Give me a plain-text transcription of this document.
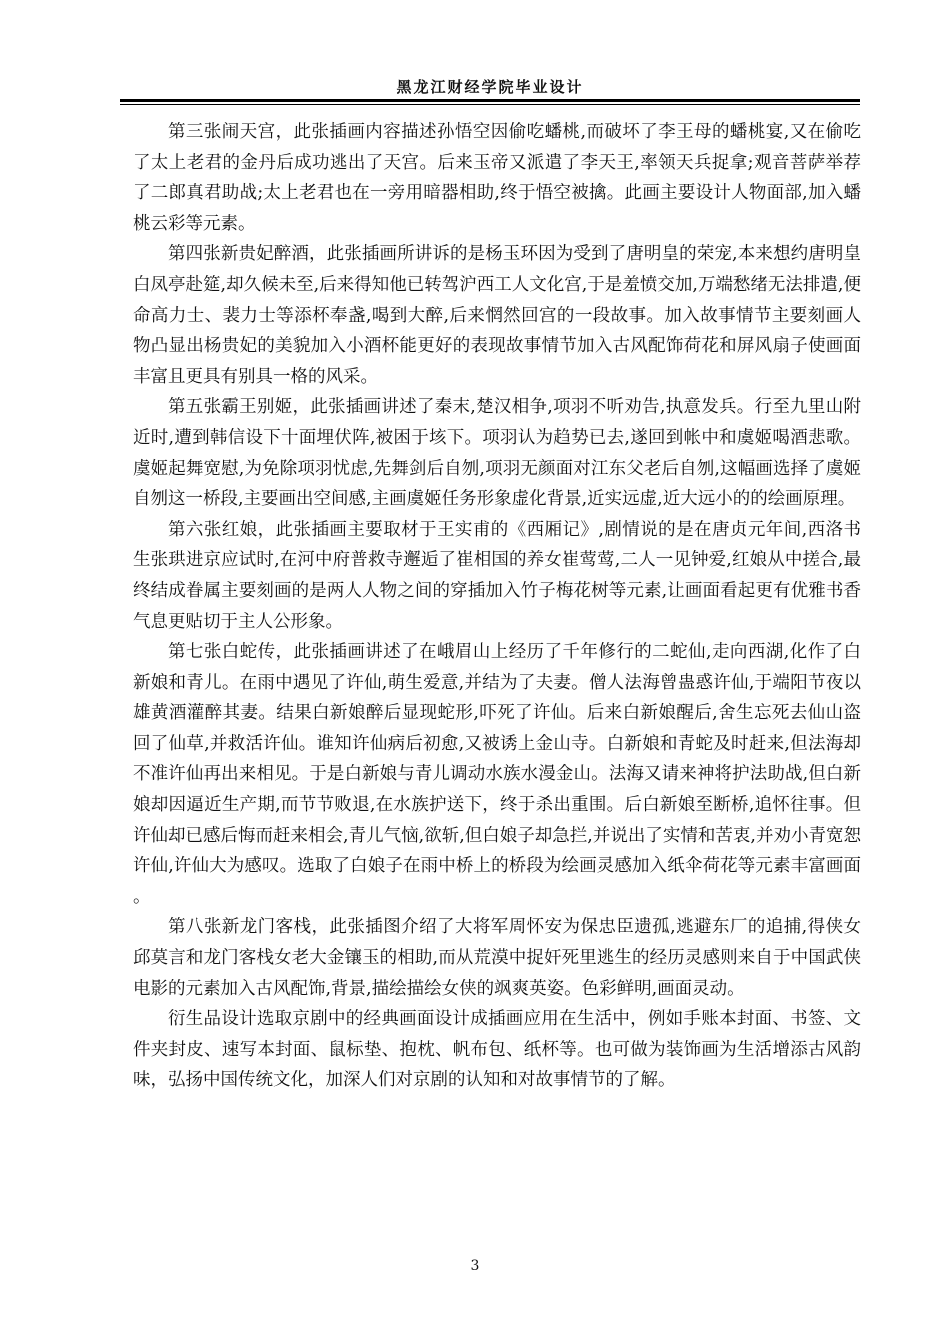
黑龙江财经学院毕业设计

第三张闹天宫，此张插画内容描述孙悟空因偷吃蟠桃,而破坏了李王母的蟠桃宴,又在偷吃了太上老君的金丹后成功逃出了天宫。后来玉帝又派遣了李天王,率领天兵捉拿;观音菩萨举荐了二郎真君助战;太上老君也在一旁用暗器相助,终于悟空被擒。此画主要设计人物面部,加入蟠桃云彩等元素。

第四张新贵妃醉酒，此张插画所讲诉的是杨玉环因为受到了唐明皇的荣宠,本来想约唐明皇白凤亭赴筵,却久候未至,后来得知他已转驾沪西工人文化宫,于是羞愤交加,万端愁绪无法排遣,便命高力士、裴力士等添杯奉盏,喝到大醉,后来惘然回宫的一段故事。加入故事情节主要刻画人物凸显出杨贵妃的美貌加入小酒杯能更好的表现故事情节加入古风配饰荷花和屏风扇子使画面丰富且更具有别具一格的风采。

第五张霸王别姬，此张插画讲述了秦末,楚汉相争,项羽不听劝告,执意发兵。行至九里山附近时,遭到韩信设下十面埋伏阵,被困于垓下。项羽认为趋势已去,遂回到帐中和虞姬喝酒悲歌。虞姬起舞宽慰,为免除项羽忧虑,先舞剑后自刎,项羽无颜面对江东父老后自刎,这幅画选择了虞姬自刎这一桥段,主要画出空间感,主画虞姬任务形象虚化背景,近实远虚,近大远小的的绘画原理。

第六张红娘，此张插画主要取材于王实甫的《西厢记》,剧情说的是在唐贞元年间,西洛书生张珙进京应试时,在河中府普救寺邂逅了崔相国的养女崔莺莺,二人一见钟爱,红娘从中搓合,最终结成眷属主要刻画的是两人人物之间的穿插加入竹子梅花树等元素,让画面看起更有优雅书香气息更贴切于主人公形象。

第七张白蛇传，此张插画讲述了在峨眉山上经历了千年修行的二蛇仙,走向西湖,化作了白新娘和青儿。在雨中遇见了许仙,萌生爱意,并结为了夫妻。僧人法海曾蛊惑许仙,于端阳节夜以雄黄酒灌醉其妻。结果白新娘醉后显现蛇形,吓死了许仙。后来白新娘醒后,舍生忘死去仙山盗回了仙草,并救活许仙。谁知许仙病后初愈,又被诱上金山寺。白新娘和青蛇及时赶来,但法海却不准许仙再出来相见。于是白新娘与青儿调动水族水漫金山。法海又请来神将护法助战,但白新娘却因逼近生产期,而节节败退,在水族护送下，终于杀出重围。后白新娘至断桥,追怀往事。但许仙却已感后悔而赶来相会,青儿气恼,欲斩,但白娘子却急拦,并说出了实情和苦衷,并劝小青宽恕许仙,许仙大为感叹。选取了白娘子在雨中桥上的桥段为绘画灵感加入纸伞荷花等元素丰富画面。

第八张新龙门客栈，此张插图介绍了大将军周怀安为保忠臣遗孤,逃避东厂的追捕,得侠女邱莫言和龙门客栈女老大金镶玉的相助,而从荒漠中捉奸死里逃生的经历灵感则来自于中国武侠电影的元素加入古风配饰,背景,描绘描绘女侠的飒爽英姿。色彩鲜明,画面灵动。

衍生品设计选取京剧中的经典画面设计成插画应用在生活中，例如手账本封面、书签、文件夹封皮、速写本封面、鼠标垫、抱枕、帆布包、纸杯等。也可做为装饰画为生活增添古风韵味，弘扬中国传统文化，加深人们对京剧的认知和对故事情节的了解。

3
